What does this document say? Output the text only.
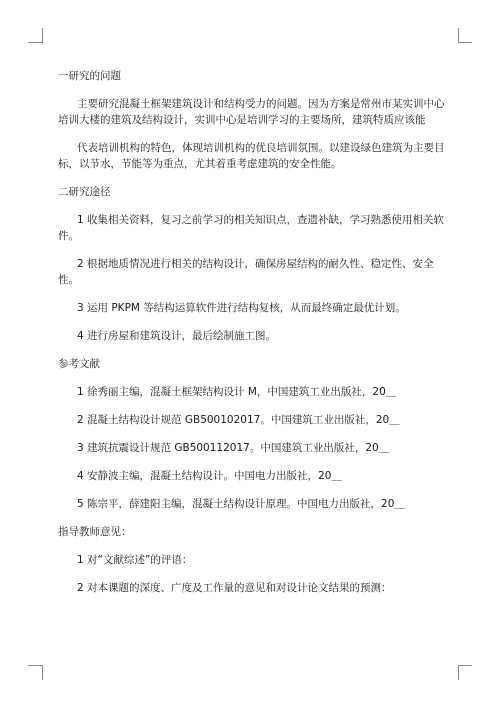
一研究的问题

主要研究混凝土框架建筑设计和结构受力的问题。因为方案是常州市某实训中心培训大楼的建筑及结构设计，实训中心是培训学习的主要场所，建筑特质应该能

代表培训机构的特色，体现培训机构的优良培训氛围。以建设绿色建筑为主要目标，以节水，节能等为重点，尤其着重考虑建筑的安全性能。

二研究途径

1 收集相关资料，复习之前学习的相关知识点，查遗补缺，学习熟悉使用相关软件。

2 根据地质情况进行相关的结构设计，确保房屋结构的耐久性、稳定性、安全性。

3 运用 PKPM 等结构运算软件进行结构复核，从而最终确定最优计划。

4 进行房屋和建筑设计，最后绘制施工图。

参考文献

1 徐秀丽主编，混凝土框架结构设计 M，中国建筑工业出版社，20＿

2 混凝土结构设计规范 GB500102017。中国建筑工业出版社，20＿

3 建筑抗震设计规范 GB500112017。中国建筑工业出版社，20＿

4 安静波主编，混凝土结构设计。中国电力出版社，20＿

5 陈宗平，薛建阳主编，混凝土结构设计原理。中国电力出版社，20＿

指导教师意见：

1 对“文献综述”的评语：

2 对本课题的深度、广度及工作量的意见和对设计论文结果的预测：
